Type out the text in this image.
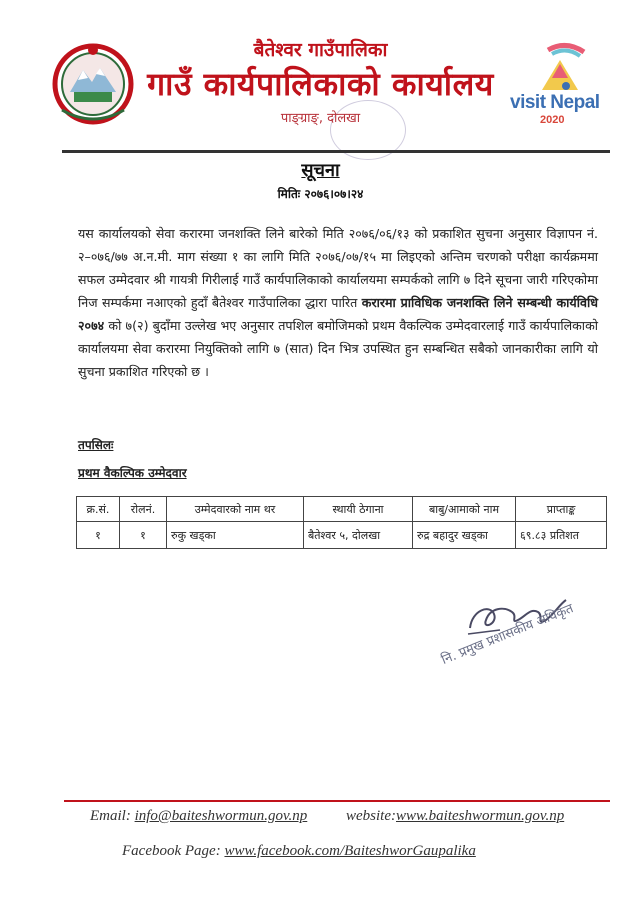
बैतेश्वर गाउँपालिका
गाउँ कार्यपालिकाको कार्यालय
पाङ्‌ग्राङ्, दोलखा
visit Nepal
2020
सूचना
मितिः २०७६।०७।२४
यस कार्यालयको सेवा करारमा जनशक्ति लिने बारेको मिति २०७६/०६/१३ को प्रकाशित सुचना अनुसार विज्ञापन नं. २–०७६/७७ अ.न.मी. माग संख्या १ का लागि मिति २०७६/०७/१५ मा लिइएको अन्तिम चरणको परीक्षा कार्यक्रममा सफल उम्मेदवार श्री गायत्री गिरीलाई गाउँ कार्यपालिकाको कार्यालयमा सम्पर्कको लागि ७ दिने सूचना जारी गरिएकोमा निज सम्पर्कमा नआएको हुदाँ बैतेश्वर गाउँपालिका द्धारा पारित करारमा प्राविधिक जनशक्ति लिने सम्बन्धी कार्यविधि २०७४ को ७(२) बुदाँमा उल्लेख भए अनुसार तपशिल बमोजिमको प्रथम वैकल्पिक उम्मेदवारलाई गाउँ कार्यपालिकाको कार्यालयमा सेवा करारमा नियुक्तिको लागि ७ (सात) दिन भित्र उपस्थित हुन सम्बन्धित सबैको जानकारीका लागि यो सुचना प्रकाशित गरिएको छ ।
तपसिलः
प्रथम वैकल्पिक उम्मेदवार
क्र.सं.	रोलनं.	उम्मेदवारको नाम थर	स्थायी ठेगाना	बाबु/आमाको नाम	प्राप्ताङ्क
१	१	रुकु खड्का	बैतेश्वर ५, दोलखा	रुद्र बहादुर खड्का	६९.८३ प्रतिशत
नि. प्रमुख प्रशासकीय अधिकृत
Email: info@baiteshwormun.gov.np	website:www.baiteshwormun.gov.np
Facebook Page: www.facebook.com/BaiteshworGaupalika
